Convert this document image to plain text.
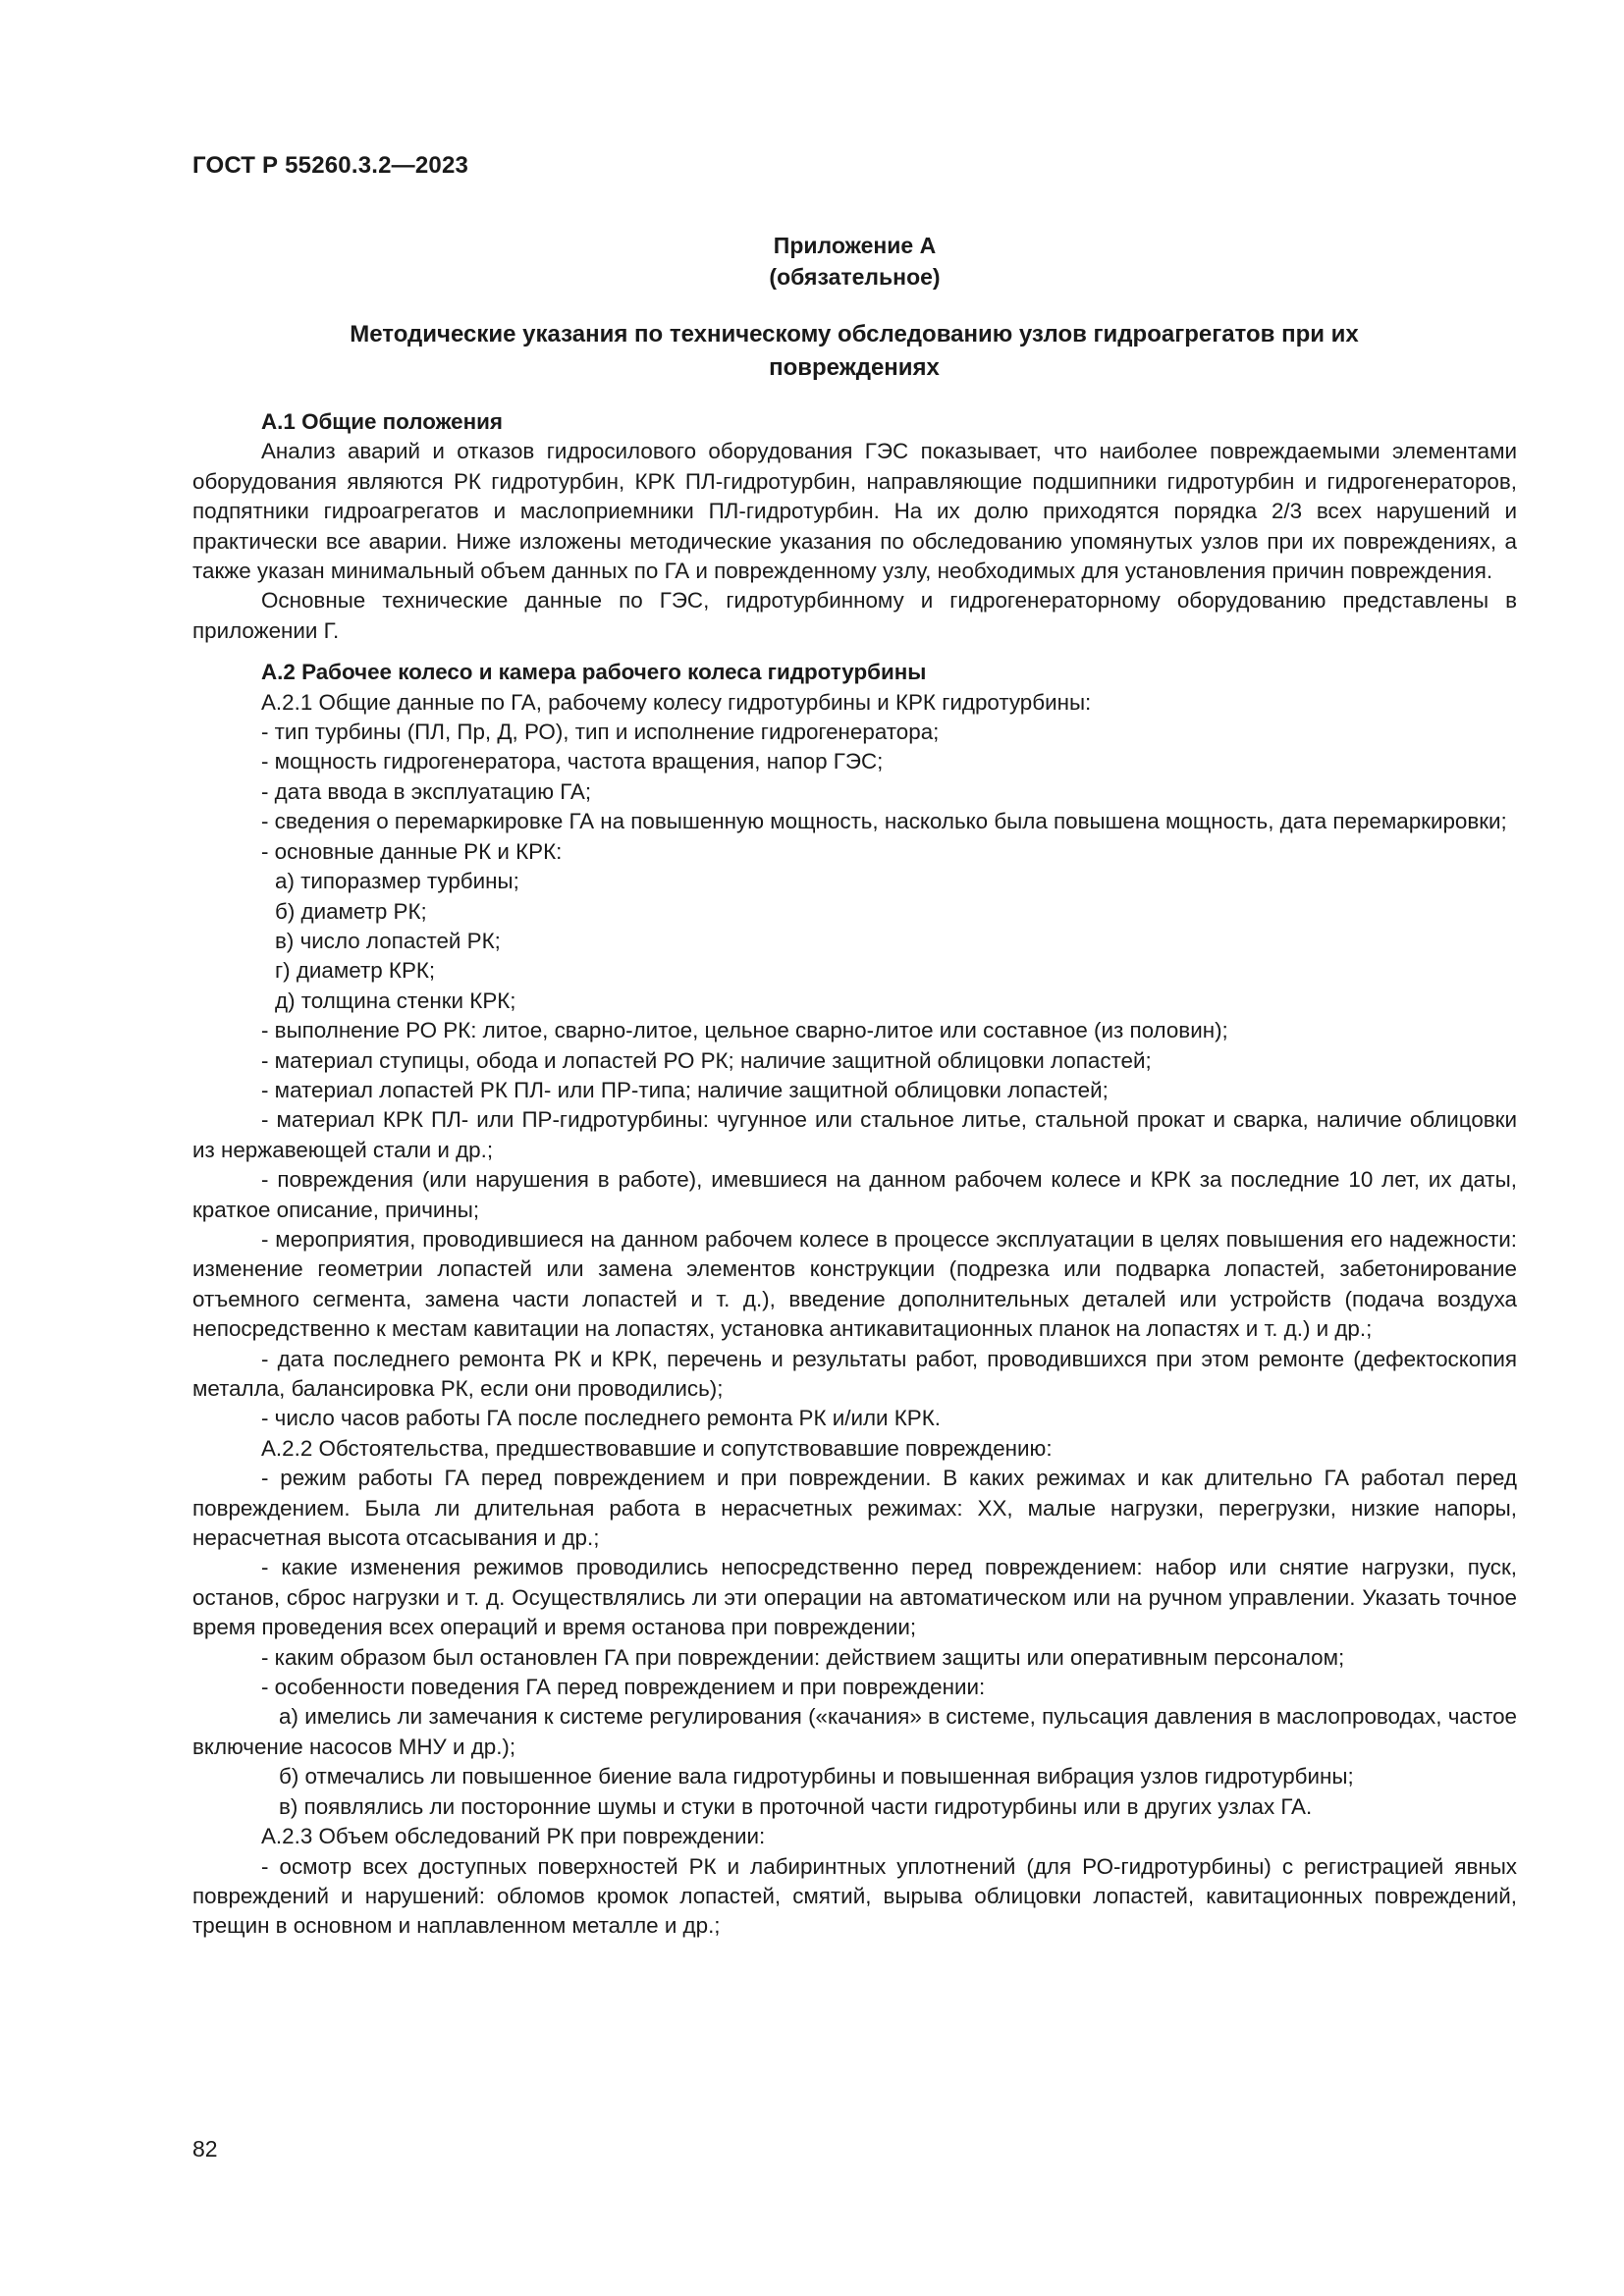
ГОСТ Р 55260.3.2—2023
Приложение А
(обязательное)
Методические указания по техническому обследованию узлов гидроагрегатов при их
повреждениях

А.1 Общие положения

Анализ аварий и отказов гидросилового оборудования ГЭС показывает, что наиболее повреждаемыми элементами оборудования являются РК гидротурбин, КРК ПЛ-гидротурбин, направляющие подшипники гидротурбин и гидрогенераторов, подпятники гидроагрегатов и маслоприемники ПЛ-гидротурбин. На их долю приходятся порядка 2/3 всех нарушений и практически все аварии. Ниже изложены методические указания по обследованию упомянутых узлов при их повреждениях, а также указан минимальный объем данных по ГА и поврежденному узлу, необходимых для установления причин повреждения.

Основные технические данные по ГЭС, гидротурбинному и гидрогенераторному оборудованию представлены в приложении Г.

А.2 Рабочее колесо и камера рабочего колеса гидротурбины

А.2.1 Общие данные по ГА, рабочему колесу гидротурбины и КРК гидротурбины:

- тип турбины (ПЛ, Пр, Д, РО), тип и исполнение гидрогенератора;

- мощность гидрогенератора, частота вращения, напор ГЭС;

- дата ввода в эксплуатацию ГА;

- сведения о перемаркировке ГА на повышенную мощность, насколько была повышена мощность, дата перемаркировки;

- основные данные РК и КРК:

а) типоразмер турбины;

б) диаметр РК;

в) число лопастей РК;

г) диаметр КРК;

д) толщина стенки КРК;

- выполнение РО РК: литое, сварно-литое, цельное сварно-литое или составное (из половин);

- материал ступицы, обода и лопастей РО РК; наличие защитной облицовки лопастей;

- материал лопастей РК ПЛ- или ПР-типа; наличие защитной облицовки лопастей;

- материал КРК ПЛ- или ПР-гидротурбины: чугунное или стальное литье, стальной прокат и сварка, наличие облицовки из нержавеющей стали и др.;

- повреждения (или нарушения в работе), имевшиеся на данном рабочем колесе и КРК за последние 10 лет, их даты, краткое описание, причины;

- мероприятия, проводившиеся на данном рабочем колесе в процессе эксплуатации в целях повышения его надежности: изменение геометрии лопастей или замена элементов конструкции (подрезка или подварка лопастей, забетонирование отъемного сегмента, замена части лопастей и т. д.), введение дополнительных деталей или устройств (подача воздуха непосредственно к местам кавитации на лопастях, установка антикавитационных планок на лопастях и т. д.) и др.;

- дата последнего ремонта РК и КРК, перечень и результаты работ, проводившихся при этом ремонте (дефектоскопия металла, балансировка РК, если они проводились);

- число часов работы ГА после последнего ремонта РК и/или КРК.

А.2.2 Обстоятельства, предшествовавшие и сопутствовавшие повреждению:

- режим работы ГА перед повреждением и при повреждении. В каких режимах и как длительно ГА работал перед повреждением. Была ли длительная работа в нерасчетных режимах: ХХ, малые нагрузки, перегрузки, низкие напоры, нерасчетная высота отсасывания и др.;

- какие изменения режимов проводились непосредственно перед повреждением: набор или снятие нагрузки, пуск, останов, сброс нагрузки и т. д. Осуществлялись ли эти операции на автоматическом или на ручном управлении. Указать точное время проведения всех операций и время останова при повреждении;

- каким образом был остановлен ГА при повреждении: действием защиты или оперативным персоналом;

- особенности поведения ГА перед повреждением и при повреждении:

а) имелись ли замечания к системе регулирования («качания» в системе, пульсация давления в маслопроводах, частое включение насосов МНУ и др.);

б) отмечались ли повышенное биение вала гидротурбины и повышенная вибрация узлов гидротурбины;

в) появлялись ли посторонние шумы и стуки в проточной части гидротурбины или в других узлах ГА.

А.2.3 Объем обследований РК при повреждении:

- осмотр всех доступных поверхностей РК и лабиринтных уплотнений (для РО-гидротурбины) с регистрацией явных повреждений и нарушений: обломов кромок лопастей, смятий, вырыва облицовки лопастей, кавитационных повреждений, трещин в основном и наплавленном металле и др.;

82
